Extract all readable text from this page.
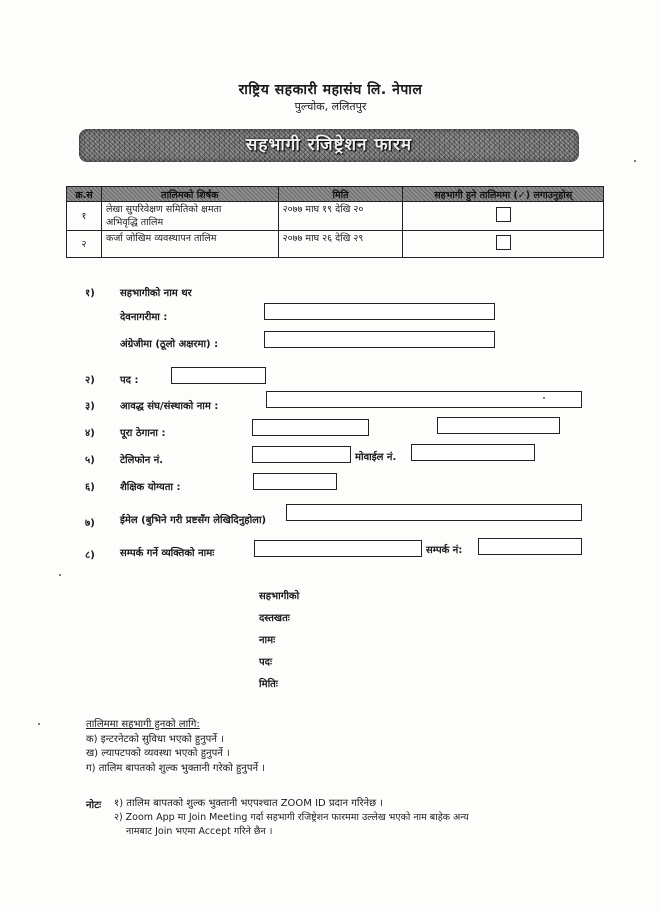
राष्ट्रिय सहकारी महासंघ लि. नेपाल
पुल्चोक, ललितपुर
सहभागी रजिष्ट्रेशन फारम
क्र.सं	तालिमको शिर्षक	मिति	सहभागी हुने तालिममा (✓) लगाउनुहोस्
१	लेखा सुपरिवेक्षण समितिको क्षमता
अभिवृद्धि तालिम	२०७७ माघ १९ देखि २०	
२	कर्जा जोखिम व्यवस्थापन तालिम	२०७७ माघ २६ देखि २९	
१)	सहभागीको नाम थर
देवनागरीमा :
अंग्रेजीमा (ठूलो अक्षरमा) :
२)	पद :
३)	आवद्ध संघ/संस्थाको नाम :
४)	पूरा ठेगाना :
५)	टेलिफोन नं.	मोवाईल नं.
६)	शैक्षिक योग्यता :
७)	ईमेल (बुभिने गरी प्रष्टसँग लेखिदिनुहोला)
८)	सम्पर्क गर्ने व्यक्तिको नामः	सम्पर्क नं:
सहभागीको
दस्तखतः
नामः
पदः
मितिः
तालिममा सहभागी हुनको लागि:
क) इन्टरनेटको सुविधा भएको हुनुपर्ने ।
ख) ल्यापटपको व्यवस्था भएको हुनुपर्ने ।
ग) तालिम बापतको शुल्क भुक्तानी गरेको हुनुपर्ने ।
नोटः १) तालिम बापतको शुल्क भुक्तानी भएपश्चात ZOOM ID प्रदान गरिनेछ ।
२) Zoom App मा Join Meeting गर्दा सहभागी रजिष्ट्रेशन फारममा उल्लेख भएको नाम बाहेक अन्य
नामबाट Join भएमा Accept गरिने छैन ।
